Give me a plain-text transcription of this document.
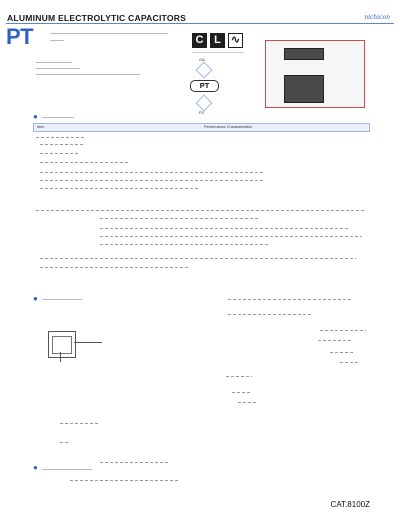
ALUMINUM ELECTROLYTIC CAPACITORS	nichicon
PT	C L ∿
GA
PT
PZ
●
Item	Performance Characteristics
●
●
CAT.8100Z
